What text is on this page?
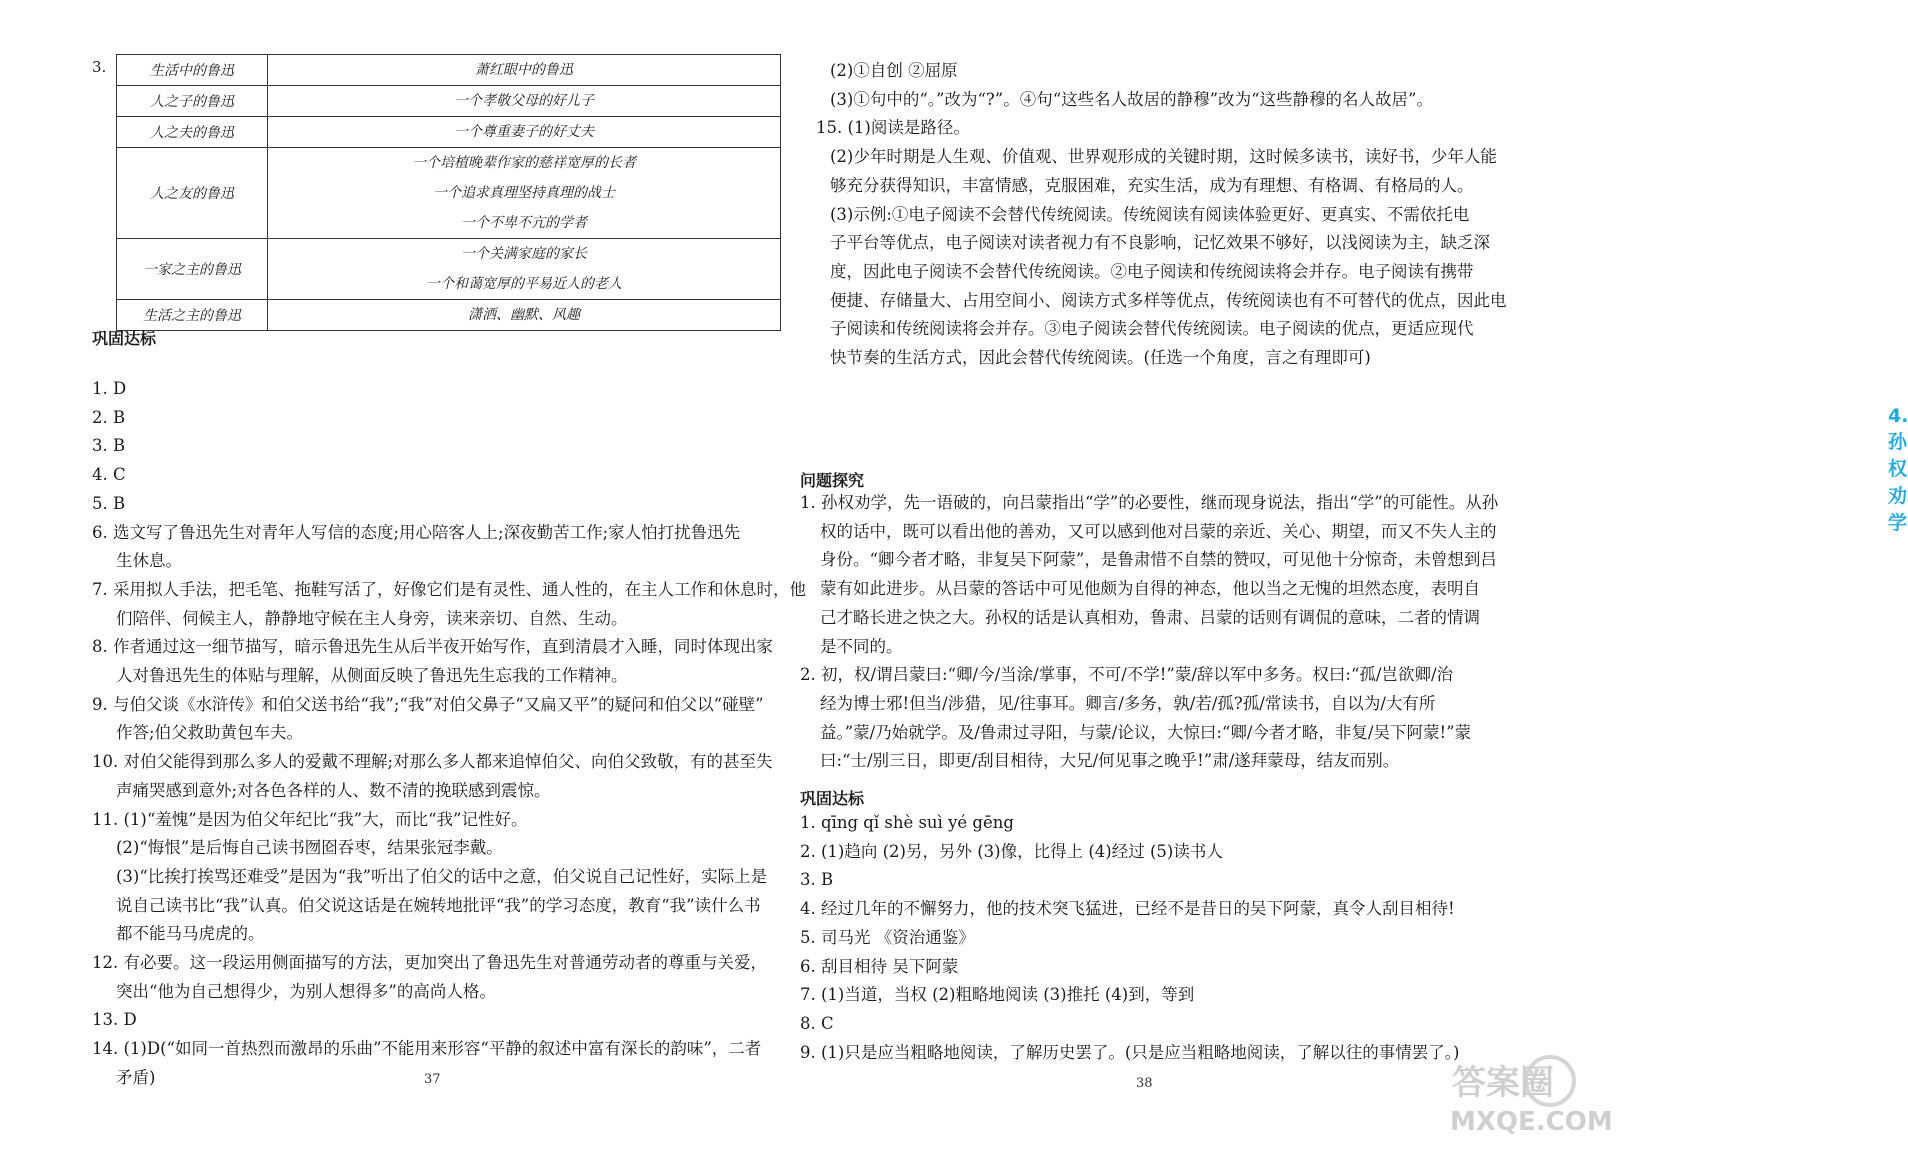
3.	生活中的鲁迅	萧红眼中的鲁迅

人之子的鲁迅	一个孝敬父母的好儿子

人之夫的鲁迅	一个尊重妻子的好丈夫

人之友的鲁迅	一个培植晚辈作家的慈祥宽厚的长者
一个追求真理坚持真理的战士
一个不卑不亢的学者

一家之主的鲁迅	一个关满家庭的家长
一个和蔼宽厚的平易近人的老人

生活之主的鲁迅	潇洒、幽默、风趣
巩固达标
1. D
2. B
3. B
4. C
5. B
6. 选文写了鲁迅先生对青年人写信的态度;用心陪客人上;深夜勤苦工作;家人怕打扰鲁迅先
生休息。
7. 采用拟人手法，把毛笔、拖鞋写活了，好像它们是有灵性、通人性的，在主人工作和休息时，他
们陪伴、伺候主人，静静地守候在主人身旁，读来亲切、自然、生动。
8. 作者通过这一细节描写，暗示鲁迅先生从后半夜开始写作，直到清晨才入睡，同时体现出家
人对鲁迅先生的体贴与理解，从侧面反映了鲁迅先生忘我的工作精神。
9. 与伯父谈《水浒传》和伯父送书给“我”;“我”对伯父鼻子“又扁又平”的疑问和伯父以“碰壁”
作答;伯父救助黄包车夫。
10. 对伯父能得到那么多人的爱戴不理解;对那么多人都来追悼伯父、向伯父致敬，有的甚至失
声痛哭感到意外;对各色各样的人、数不清的挽联感到震惊。
11. (1)“羞愧”是因为伯父年纪比“我”大，而比“我”记性好。
(2)“悔恨”是后悔自己读书囫囵吞枣，结果张冠李戴。
(3)“比挨打挨骂还难受”是因为“我”听出了伯父的话中之意，伯父说自己记性好，实际上是
说自己读书比“我”认真。伯父说这话是在婉转地批评“我”的学习态度，教育“我”读什么书
都不能马马虎虎的。
12. 有必要。这一段运用侧面描写的方法，更加突出了鲁迅先生对普通劳动者的尊重与关爱，
突出“他为自己想得少，为别人想得多”的高尚人格。
13. D
14. (1)D(“如同一首热烈而激昂的乐曲”不能用来形容“平静的叙述中富有深长的韵味”，二者
矛盾)	37
(2)①自创 ②屈原
(3)①句中的“。”改为“?”。④句“这些名人故居的静穆”改为“这些静穆的名人故居”。
15. (1)阅读是路径。
(2)少年时期是人生观、价值观、世界观形成的关键时期，这时候多读书，读好书，少年人能
够充分获得知识，丰富情感，克服困难，充实生活，成为有理想、有格调、有格局的人。
(3)示例:①电子阅读不会替代传统阅读。传统阅读有阅读体验更好、更真实、不需依托电
子平台等优点，电子阅读对读者视力有不良影响，记忆效果不够好，以浅阅读为主，缺乏深
度，因此电子阅读不会替代传统阅读。②电子阅读和传统阅读将会并存。电子阅读有携带
便捷、存储量大、占用空间小、阅读方式多样等优点，传统阅读也有不可替代的优点，因此电
子阅读和传统阅读将会并存。③电子阅读会替代传统阅读。电子阅读的优点，更适应现代
快节奏的生活方式，因此会替代传统阅读。(任选一个角度，言之有理即可)
4. 孙权劝学
问题探究
1. 孙权劝学，先一语破的，向吕蒙指出“学”的必要性，继而现身说法，指出“学”的可能性。从孙
权的话中，既可以看出他的善劝，又可以感到他对吕蒙的亲近、关心、期望，而又不失人主的
身份。“卿今者才略，非复吴下阿蒙”，是鲁肃惜不自禁的赞叹，可见他十分惊奇，未曾想到吕
蒙有如此进步。从吕蒙的答话中可见他颇为自得的神态，他以当之无愧的坦然态度，表明自
己才略长进之快之大。孙权的话是认真相劝，鲁肃、吕蒙的话则有调侃的意味，二者的情调
是不同的。
2. 初，权/谓吕蒙曰:“卿/今/当涂/掌事，不可/不学!”蒙/辞以军中多务。权曰:“孤/岂欲卿/治
经为博士邪!但当/涉猎，见/往事耳。卿言/多务，孰/若/孤?孤/常读书，自以为/大有所
益。”蒙/乃始就学。及/鲁肃过寻阳，与蒙/论议，大惊曰:“卿/今者才略，非复/吴下阿蒙!”蒙
曰:“士/别三日，即更/刮目相待，大兄/何见事之晚乎!”肃/遂拜蒙母，结友而别。
巩固达标
1. qīng qǐ shè suì yé gēng
2. (1)趋向 (2)另，另外 (3)像，比得上 (4)经过 (5)读书人
3. B
4. 经过几年的不懈努力，他的技术突飞猛进，已经不是昔日的吴下阿蒙，真令人刮目相待!
5. 司马光 《资治通鉴》
6. 刮目相待 吴下阿蒙
7. (1)当道，当权 (2)粗略地阅读 (3)推托 (4)到，等到
8. C
9. (1)只是应当粗略地阅读，了解历史罢了。(只是应当粗略地阅读，了解以往的事情罢了。)
38	答案圈
MXQE.COM
